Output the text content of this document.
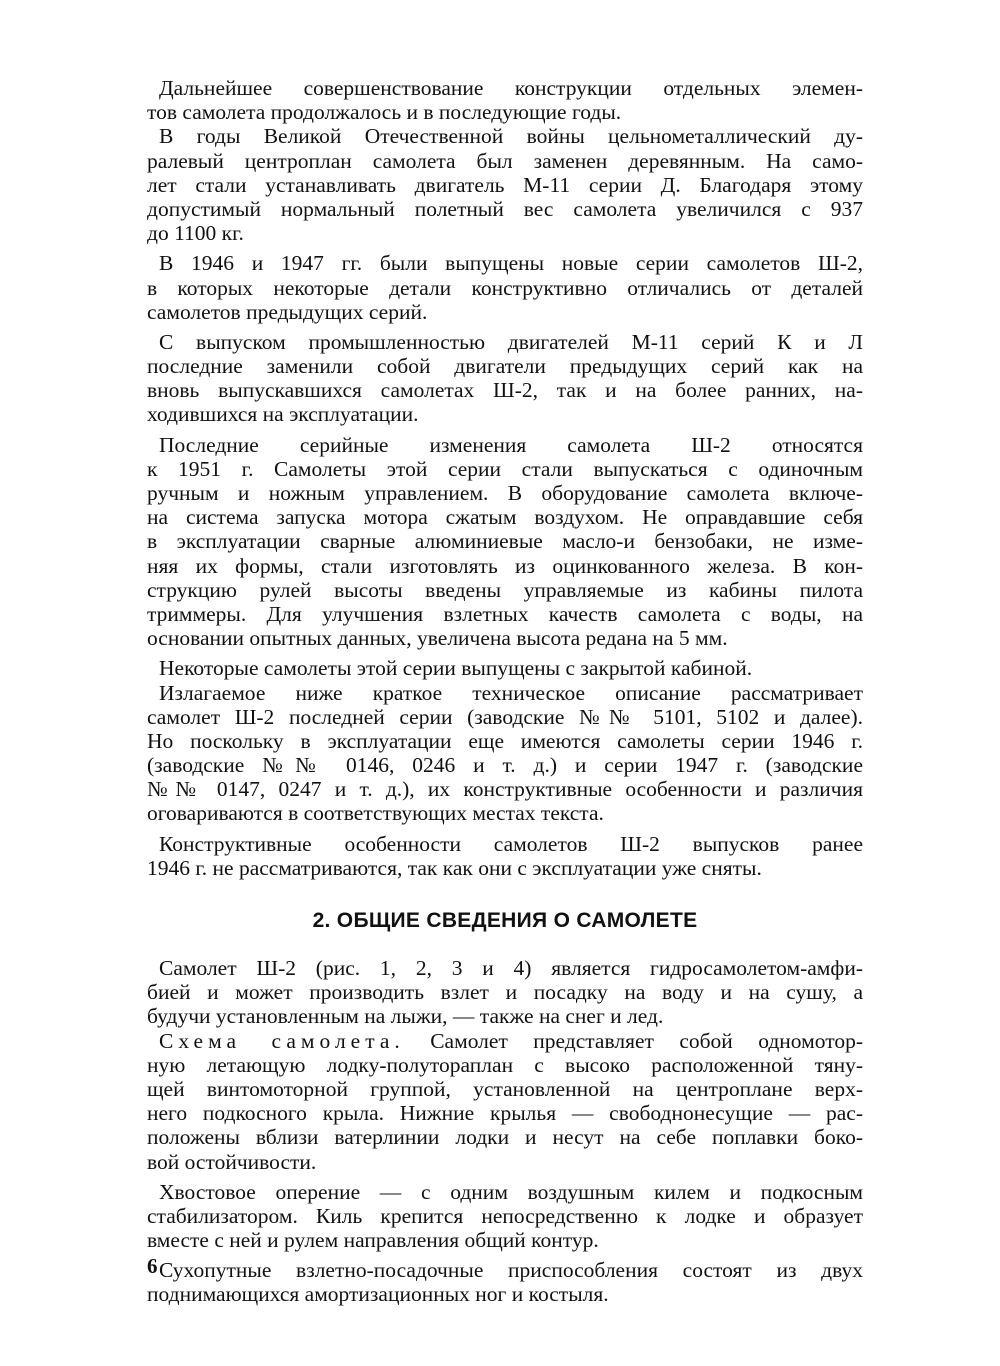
Дальнейшее совершенствование конструкции отдельных элемен-
тов самолета продолжалось и в последующие годы.
В годы Великой Отечественной войны цельнометаллический ду-
ралевый центроплан самолета был заменен деревянным. На само-
лет стали устанавливать двигатель М-11 серии Д. Благодаря этому
допустимый нормальный полетный вес самолета увеличился с 937
до 1100 кг.
В 1946 и 1947 гг. были выпущены новые серии самолетов Ш-2,
в которых некоторые детали конструктивно отличались от деталей
самолетов предыдущих серий.
С выпуском промышленностью двигателей М-11 серий К и Л
последние заменили собой двигатели предыдущих серий как на
вновь выпускавшихся самолетах Ш-2, так и на более ранних, на-
ходившихся на эксплуатации.
Последние серийные изменения самолета Ш-2 относятся
к 1951 г. Самолеты этой серии стали выпускаться с одиночным
ручным и ножным управлением. В оборудование самолета включе-
на система запуска мотора сжатым воздухом. Не оправдавшие себя
в эксплуатации сварные алюминиевые масло-и бензобаки, не изме-
няя их формы, стали изготовлять из оцинкованного железа. В кон-
струкцию рулей высоты введены управляемые из кабины пилота
триммеры. Для улучшения взлетных качеств самолета с воды, на
основании опытных данных, увеличена высота редана на 5 мм.
Некоторые самолеты этой серии выпущены с закрытой кабиной.
Излагаемое ниже краткое техническое описание рассматривает
самолет Ш-2 последней серии (заводские №№ 5101, 5102 и далее).
Но поскольку в эксплуатации еще имеются самолеты серии 1946 г.
(заводские №№ 0146, 0246 и т. д.) и серии 1947 г. (заводские
№№ 0147, 0247 и т. д.), их конструктивные особенности и различия
оговариваются в соответствующих местах текста.
Конструктивные особенности самолетов Ш-2 выпусков ранее
1946 г. не рассматриваются, так как они с эксплуатации уже сняты.
2. ОБЩИЕ СВЕДЕНИЯ О САМОЛЕТЕ
Самолет Ш-2 (рис. 1, 2, 3 и 4) является гидросамолетом-амфи-
бией и может производить взлет и посадку на воду и на сушу, а
будучи установленным на лыжи, — также на снег и лед.
Схема самолета. Самолет представляет собой одномотор-
ную летающую лодку-полутораплан с высоко расположенной тяну-
щей винтомоторной группой, установленной на центроплане верх-
него подкосного крыла. Нижние крылья — свободнонесущие — рас-
положены вблизи ватерлинии лодки и несут на себе поплавки боко-
вой остойчивости.
Хвостовое оперение — с одним воздушным килем и подкосным
стабилизатором. Киль крепится непосредственно к лодке и образует
вместе с ней и рулем направления общий контур.
Сухопутные взлетно-посадочные приспособления состоят из двух
поднимающихся амортизационных ног и костыля.
6
